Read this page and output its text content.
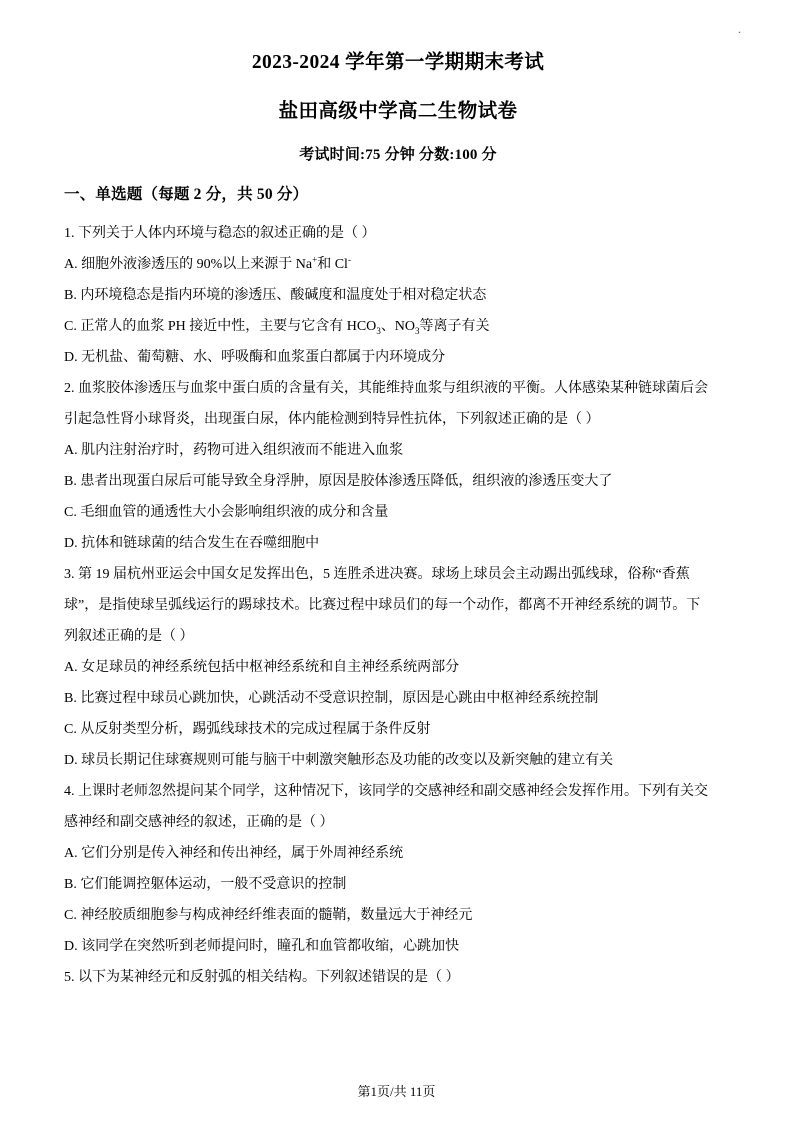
.
2023-2024 学年第一学期期末考试
盐田高级中学高二生物试卷
考试时间:75 分钟 分数:100 分
一、单选题（每题 2 分，共 50 分）

1. 下列关于人体内环境与稳态的叙述正确的是（ ）

A. 细胞外液渗透压的 90%以上来源于 Na+和 Cl-

B. 内环境稳态是指内环境的渗透压、酸碱度和温度处于相对稳定状态

C. 正常人的血浆 PH 接近中性，主要与它含有 $HCO_3$、$NO_3$等离子有关

D. 无机盐、葡萄糖、水、呼吸酶和血浆蛋白都属于内环境成分

2. 血浆胶体渗透压与血浆中蛋白质的含量有关，其能维持血浆与组织液的平衡。人体感染某种链球菌后会

引起急性肾小球肾炎，出现蛋白尿，体内能检测到特异性抗体，下列叙述正确的是（ ）

A. 肌内注射治疗时，药物可进入组织液而不能进入血浆

B. 患者出现蛋白尿后可能导致全身浮肿，原因是胶体渗透压降低，组织液的渗透压变大了

C. 毛细血管的通透性大小会影响组织液的成分和含量

D. 抗体和链球菌的结合发生在吞噬细胞中

3. 第 19 届杭州亚运会中国女足发挥出色，5 连胜杀进决赛。球场上球员会主动踢出弧线球，俗称“香蕉

球”，是指使球呈弧线运行的踢球技术。比赛过程中球员们的每一个动作，都离不开神经系统的调节。下

列叙述正确的是（ ）

A. 女足球员的神经系统包括中枢神经系统和自主神经系统两部分

B. 比赛过程中球员心跳加快，心跳活动不受意识控制，原因是心跳由中枢神经系统控制

C. 从反射类型分析，踢弧线球技术的完成过程属于条件反射

D. 球员长期记住球赛规则可能与脑干中刺激突触形态及功能的改变以及新突触的建立有关

4. 上课时老师忽然提问某个同学，这种情况下，该同学的交感神经和副交感神经会发挥作用。下列有关交

感神经和副交感神经的叙述，正确的是（ ）

A. 它们分别是传入神经和传出神经，属于外周神经系统

B. 它们能调控躯体运动，一般不受意识的控制

C. 神经胶质细胞参与构成神经纤维表面的髓鞘，数量远大于神经元

D. 该同学在突然听到老师提问时，瞳孔和血管都收缩，心跳加快

5. 以下为某神经元和反射弧的相关结构。下列叙述错误的是（ ）

第1页/共 11页
